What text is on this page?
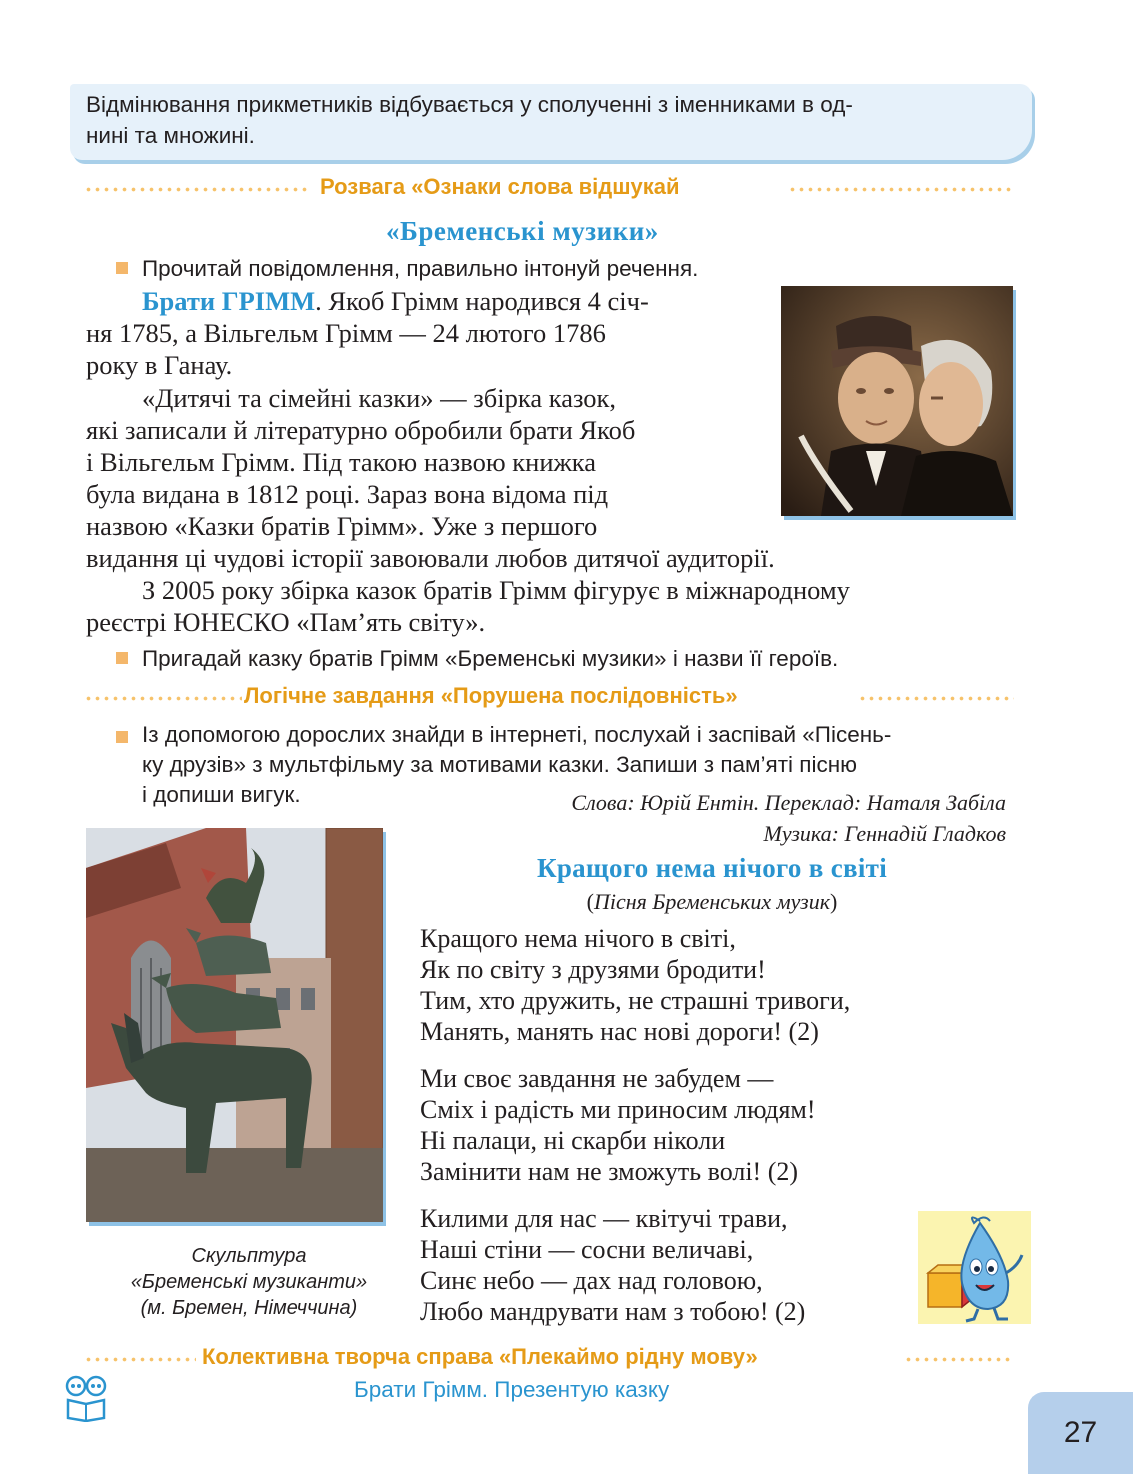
Відмінювання прикметників відбувається у сполученні з іменниками в од-
нині та множині.
Розвага «Ознаки слова відшукай
«Бременські музики»
Прочитай повідомлення, правильно інтонуй речення.
Брати ГРІММ. Якоб Грімм народився 4 січ-
ня 1785, а Вільгельм Грімм — 24 лютого 1786
року в Ганау.
«Дитячі та сімейні казки» — збірка казок,
які записали й літературно обробили брати Якоб
і Вільгельм Грімм. Під такою назвою книжка
була видана в 1812 році. Зараз вона відома під
назвою «Казки братів Грімм». Уже з першого
видання ці чудові історії завоювали любов дитячої аудиторії.
З 2005 року збірка казок братів Грімм фігурує в міжнародному
реєстрі ЮНЕСКО «Пам’ять світу».
Пригадай казку братів Грімм «Бременські музики» і назви її героїв.
Логічне завдання «Порушена послідовність»
Із допомогою дорослих знайди в інтернеті, послухай і заспівай «Пісень-
ку друзів» з мультфільму за мотивами казки. Запиши з пам’яті пісню
і допиши вигук.	Слова: Юрій Ентін. Переклад: Наталя Забіла
Музика: Геннадій Гладков
Скульптура
«Бременські музиканти»
(м. Бремен, Німеччина)
Кращого нема нічого в світі
(Пісня Бременських музик)
Кращого нема нічого в світі,
Як по світу з друзями бродити!
Тим, хто дружить, не страшні тривоги,
Манять, манять нас нові дороги! (2)
Ми своє завдання не забудем —
Сміх і радість ми приносим людям!
Ні палаци, ні скарби ніколи
Замінити нам не зможуть волі! (2)
Килими для нас — квітучі трави,
Наші стіни — сосни величаві,
Синє небо — дах над головою,
Любо мандрувати нам з тобою! (2)
Колективна творча справа «Плекаймо рідну мову»
Брати Грімм. Презентую казку
27
